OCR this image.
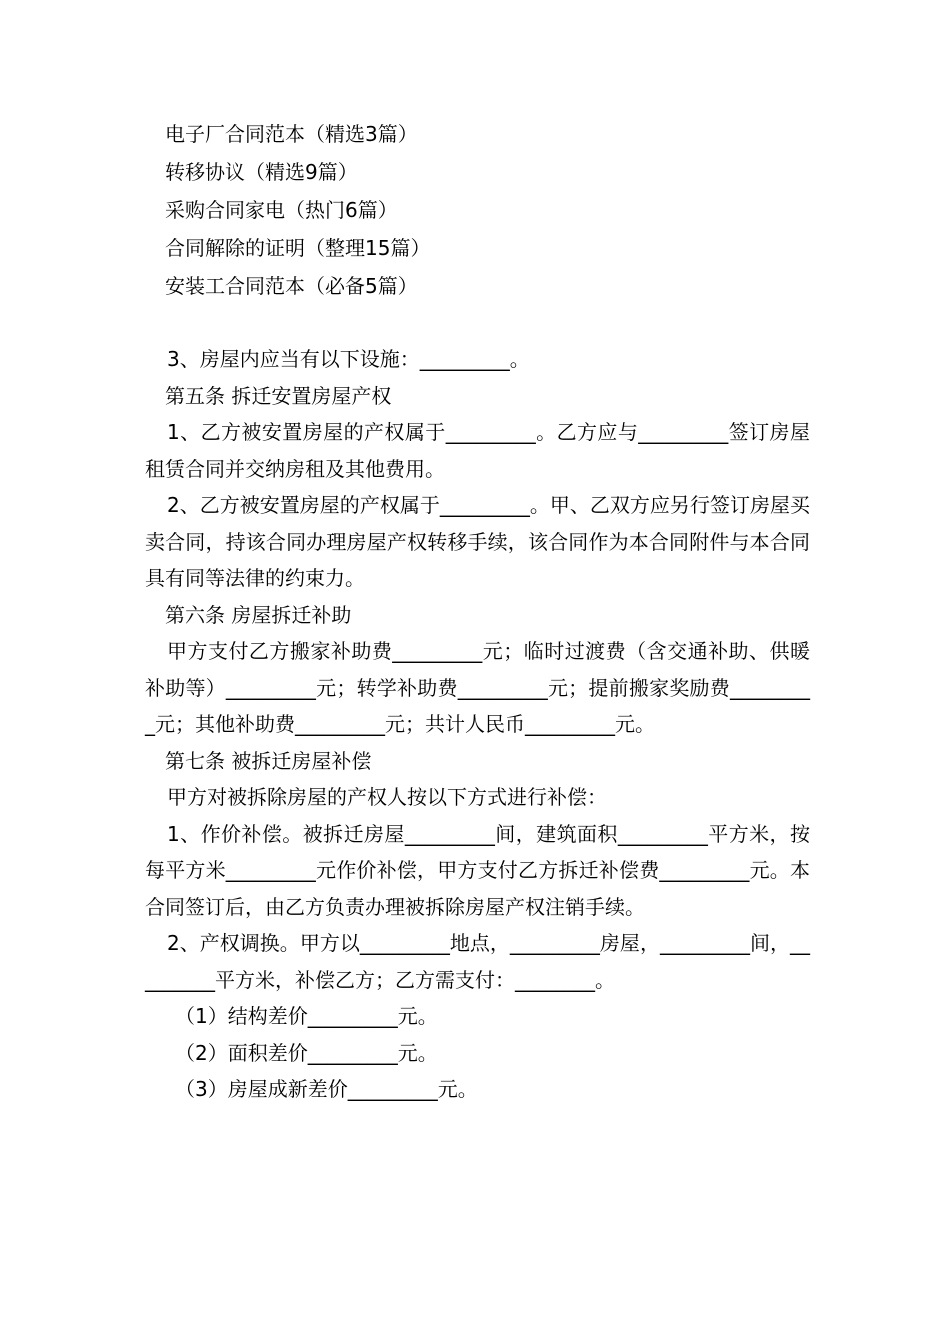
电子厂合同范本（精选3篇）
转移协议（精选9篇）
采购合同家电（热门6篇）
合同解除的证明（整理15篇）
安装工合同范本（必备5篇）

3、房屋内应当有以下设施：_________。

第五条 拆迁安置房屋产权

1、乙方被安置房屋的产权属于_________。乙方应与_________签订房屋租赁合同并交纳房租及其他费用。

2、乙方被安置房屋的产权属于_________。甲、乙双方应另行签订房屋买卖合同，持该合同办理房屋产权转移手续，该合同作为本合同附件与本合同具有同等法律的约束力。

第六条 房屋拆迁补助

甲方支付乙方搬家补助费_________元；临时过渡费（含交通补助、供暖补助等）_________元；转学补助费_________元；提前搬家奖励费_________元；其他补助费_________元；共计人民币_________元。

第七条 被拆迁房屋补偿

甲方对被拆除房屋的产权人按以下方式进行补偿：

1、作价补偿。被拆迁房屋_________间，建筑面积_________平方米，按每平方米_________元作价补偿，甲方支付乙方拆迁补偿费_________元。本合同签订后，由乙方负责办理被拆除房屋产权注销手续。

2、产权调换。甲方以_________地点，_________房屋，_________间，_________平方米，补偿乙方；乙方需支付：________。

（1）结构差价_________元。

（2）面积差价_________元。

（3）房屋成新差价_________元。
